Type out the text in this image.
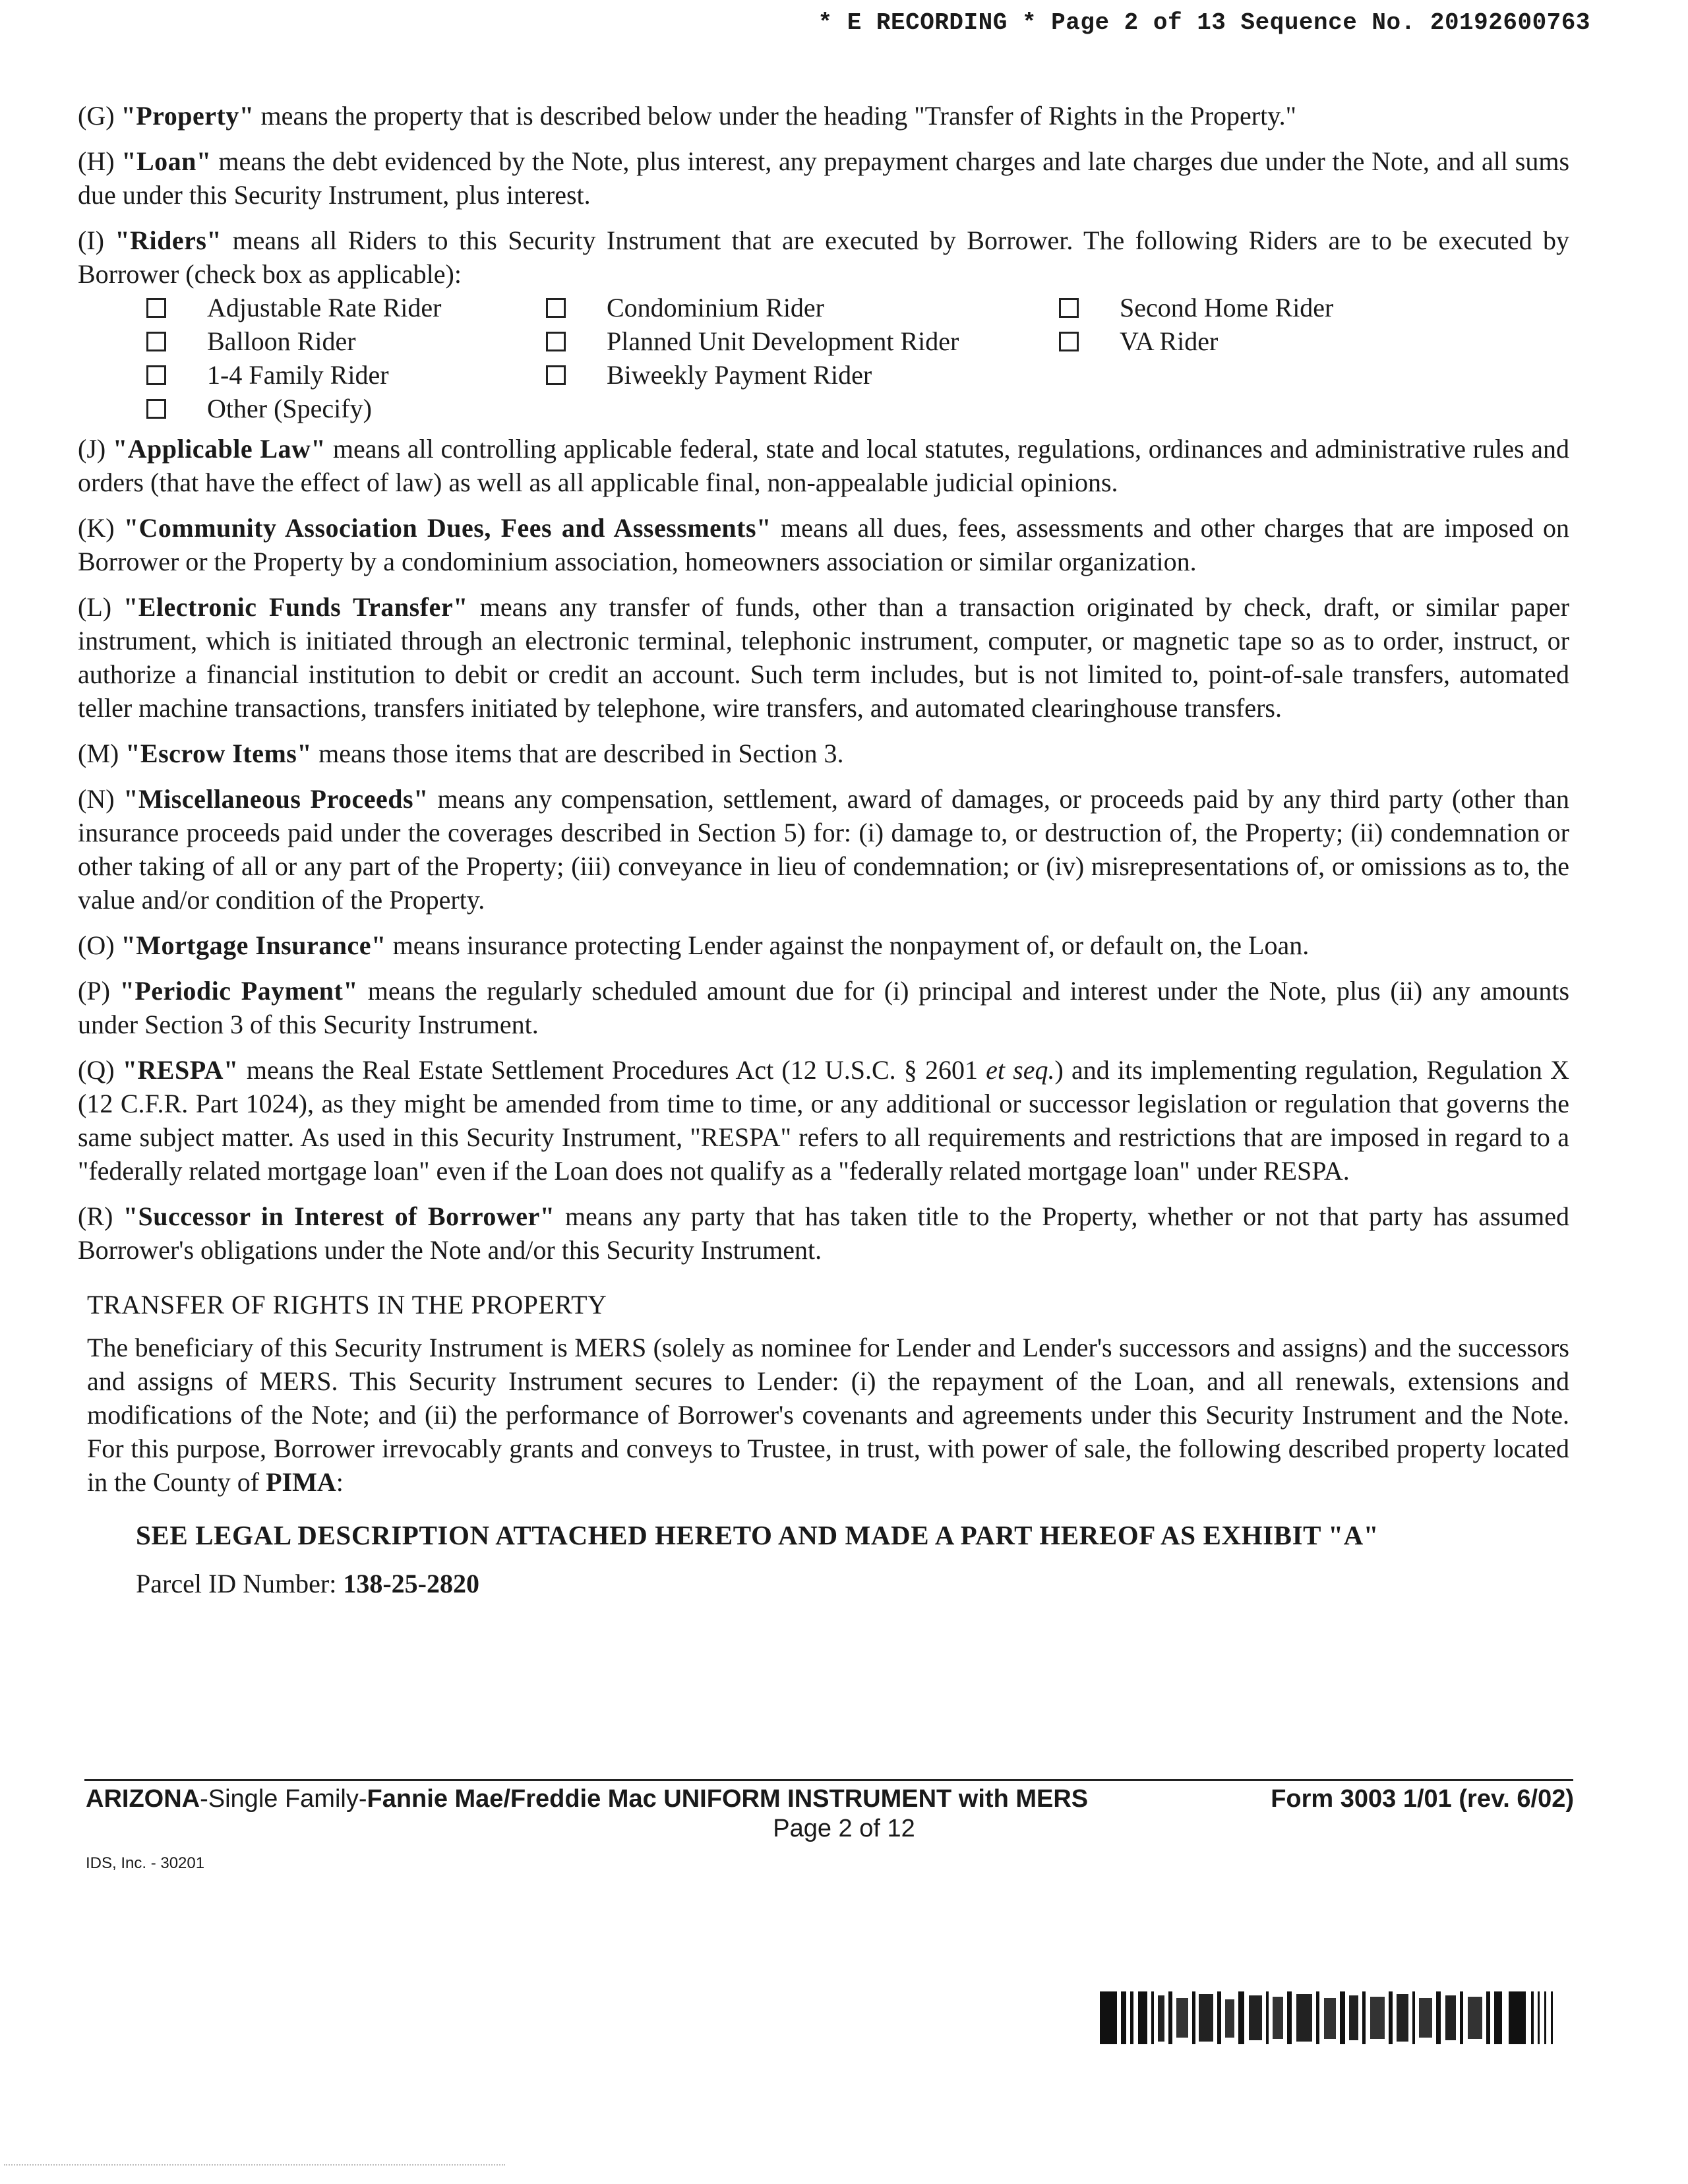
* E RECORDING * Page 2 of 13 Sequence No. 20192600763

(G) "Property" means the property that is described below under the heading "Transfer of Rights in the Property."

(H) "Loan" means the debt evidenced by the Note, plus interest, any prepayment charges and late charges due under the Note, and all sums due under this Security Instrument, plus interest.

(I) "Riders" means all Riders to this Security Instrument that are executed by Borrower. The following Riders are to be executed by Borrower (check box as applicable):

Adjustable Rate Rider	Condominium Rider	Second Home Rider
Balloon Rider	Planned Unit Development Rider	VA Rider
1-4 Family Rider	Biweekly Payment Rider
Other (Specify)

(J) "Applicable Law" means all controlling applicable federal, state and local statutes, regulations, ordinances and administrative rules and orders (that have the effect of law) as well as all applicable final, non-appealable judicial opinions.

(K) "Community Association Dues, Fees and Assessments" means all dues, fees, assessments and other charges that are imposed on Borrower or the Property by a condominium association, homeowners association or similar organization.

(L) "Electronic Funds Transfer" means any transfer of funds, other than a transaction originated by check, draft, or similar paper instrument, which is initiated through an electronic terminal, telephonic instrument, computer, or magnetic tape so as to order, instruct, or authorize a financial institution to debit or credit an account. Such term includes, but is not limited to, point-of-sale transfers, automated teller machine transactions, transfers initiated by telephone, wire transfers, and automated clearinghouse transfers.

(M) "Escrow Items" means those items that are described in Section 3.

(N) "Miscellaneous Proceeds" means any compensation, settlement, award of damages, or proceeds paid by any third party (other than insurance proceeds paid under the coverages described in Section 5) for: (i) damage to, or destruction of, the Property; (ii) condemnation or other taking of all or any part of the Property; (iii) conveyance in lieu of condemnation; or (iv) misrepresentations of, or omissions as to, the value and/or condition of the Property.

(O) "Mortgage Insurance" means insurance protecting Lender against the nonpayment of, or default on, the Loan.

(P) "Periodic Payment" means the regularly scheduled amount due for (i) principal and interest under the Note, plus (ii) any amounts under Section 3 of this Security Instrument.

(Q) "RESPA" means the Real Estate Settlement Procedures Act (12 U.S.C. § 2601 et seq.) and its implementing regulation, Regulation X (12 C.F.R. Part 1024), as they might be amended from time to time, or any additional or successor legislation or regulation that governs the same subject matter. As used in this Security Instrument, "RESPA" refers to all requirements and restrictions that are imposed in regard to a "federally related mortgage loan" even if the Loan does not qualify as a "federally related mortgage loan" under RESPA.

(R) "Successor in Interest of Borrower" means any party that has taken title to the Property, whether or not that party has assumed Borrower's obligations under the Note and/or this Security Instrument.

TRANSFER OF RIGHTS IN THE PROPERTY

The beneficiary of this Security Instrument is MERS (solely as nominee for Lender and Lender's successors and assigns) and the successors and assigns of MERS. This Security Instrument secures to Lender: (i) the repayment of the Loan, and all renewals, extensions and modifications of the Note; and (ii) the performance of Borrower's covenants and agreements under this Security Instrument and the Note. For this purpose, Borrower irrevocably grants and conveys to Trustee, in trust, with power of sale, the following described property located in the County of PIMA:

SEE LEGAL DESCRIPTION ATTACHED HERETO AND MADE A PART HEREOF AS EXHIBIT "A"
Parcel ID Number: 138-25-2820
ARIZONA-Single Family-Fannie Mae/Freddie Mac UNIFORM INSTRUMENT with MERS	Form 3003 1/01 (rev. 6/02)
Page 2 of 12
IDS, Inc. - 30201
